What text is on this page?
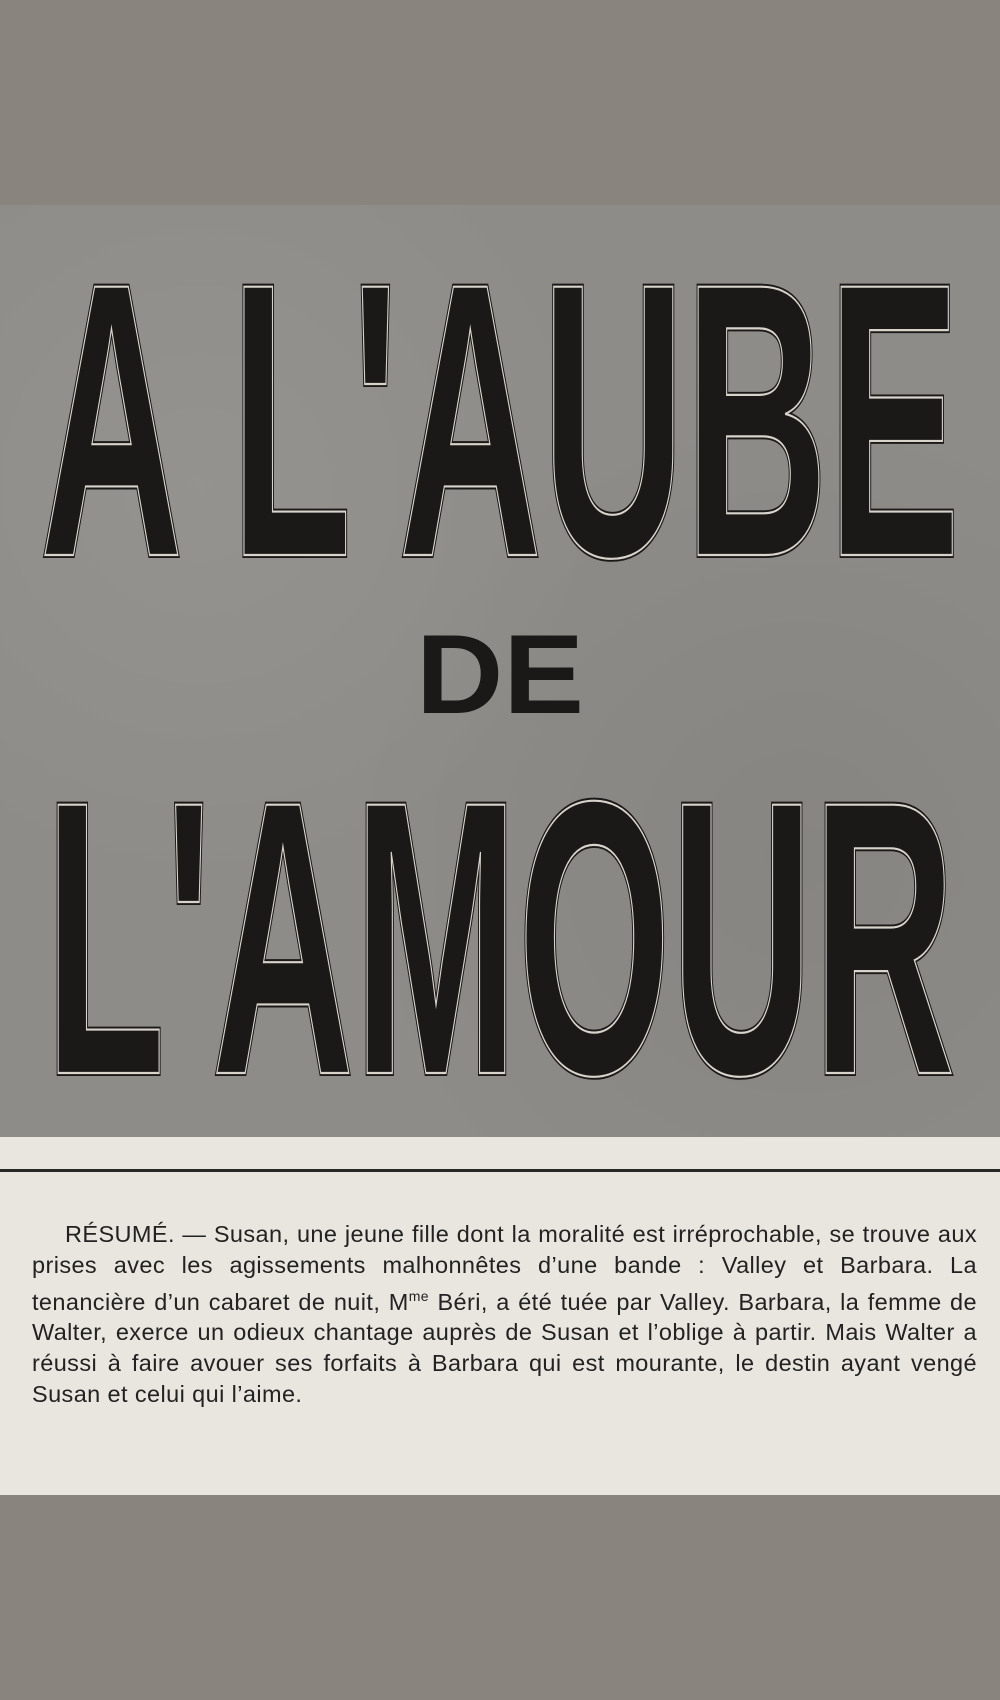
A L'AUBE
A L'AUBE
DE
L'AMOUR
L'AMOUR

RÉSUMÉ. — Susan, une jeune fille dont la moralité est irréprochable, se trouve aux prises avec les agissements malhonnêtes d’une bande : Valley et Barbara. La tenancière d’un cabaret de nuit, $M^{me}$ Béri, a été tuée par Valley. Barbara, la femme de Walter, exerce un odieux chantage auprès de Susan et l’oblige à partir. Mais Walter a réussi à faire avouer ses forfaits à Barbara qui est mourante, le destin ayant vengé Susan et celui qui l’aime.
